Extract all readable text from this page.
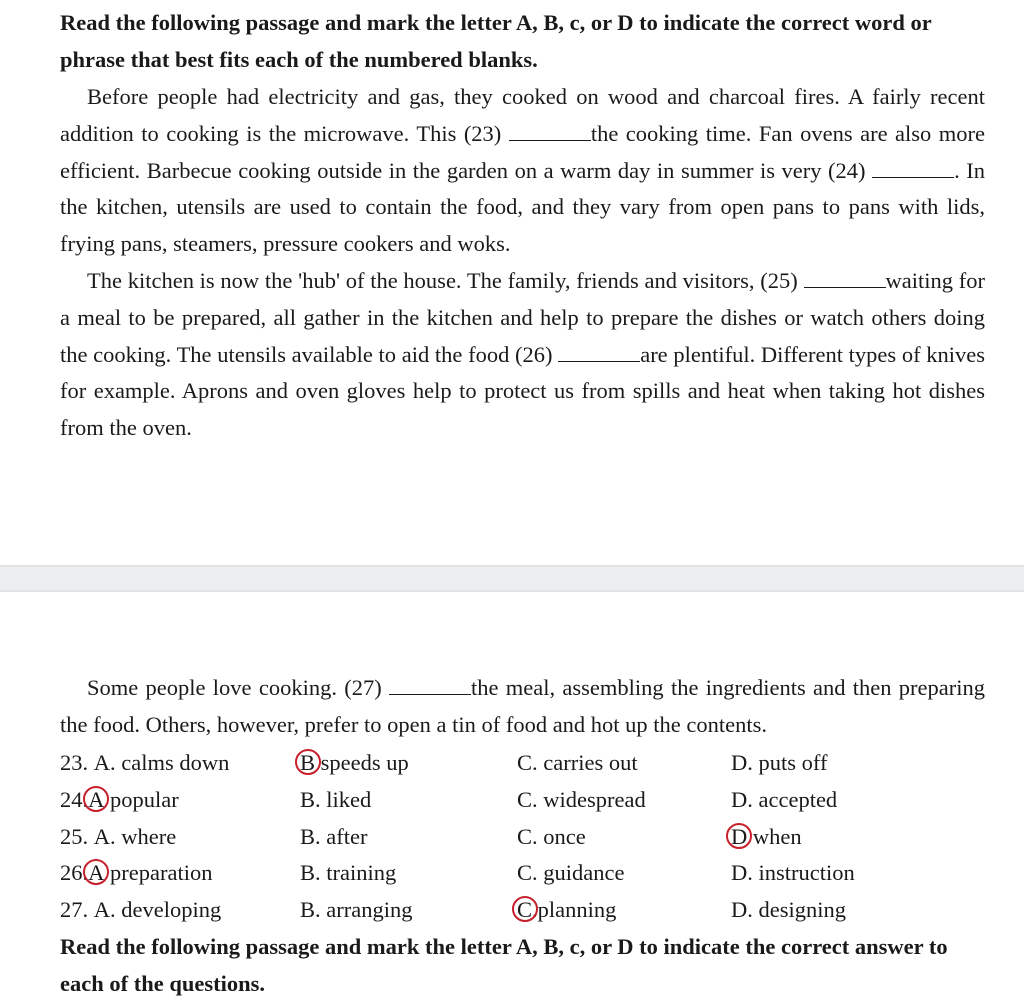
Read the following passage and mark the letter A, B, c, or D to indicate the correct word or phrase that best fits each of the numbered blanks.

Before people had electricity and gas, they cooked on wood and charcoal fires. A fairly recent addition to cooking is the microwave. This (23)	the cooking time. Fan ovens are also more efficient. Barbecue cooking outside in the garden on a warm day in summer is very (24)	. In the kitchen, utensils are used to contain the food, and they vary from open pans to pans with lids, frying pans, steamers, pressure cookers and woks.

The kitchen is now the 'hub' of the house. The family, friends and visitors, (25)	waiting for a meal to be prepared, all gather in the kitchen and help to prepare the dishes or watch others doing the cooking. The utensils available to aid the food (26)	are plentiful. Different types of knives for example. Aprons and oven gloves help to protect us from spills and heat when taking hot dishes from the oven.

Some people love cooking. (27)	the meal, assembling the ingredients and then preparing the food. Others, however, prefer to open a tin of food and hot up the contents.

23. A. calms down	B speeds up	C. carries out	D. puts off
24.A popular	B. liked	C. widespread	D. accepted
25. A. where	B. after	C. once	D when
26.A preparation	B. training	C. guidance	D. instruction
27. A. developing	B. arranging	C.planning	D. designing
Read the following passage and mark the letter A, B, c, or D to indicate the correct answer to each of the questions.
